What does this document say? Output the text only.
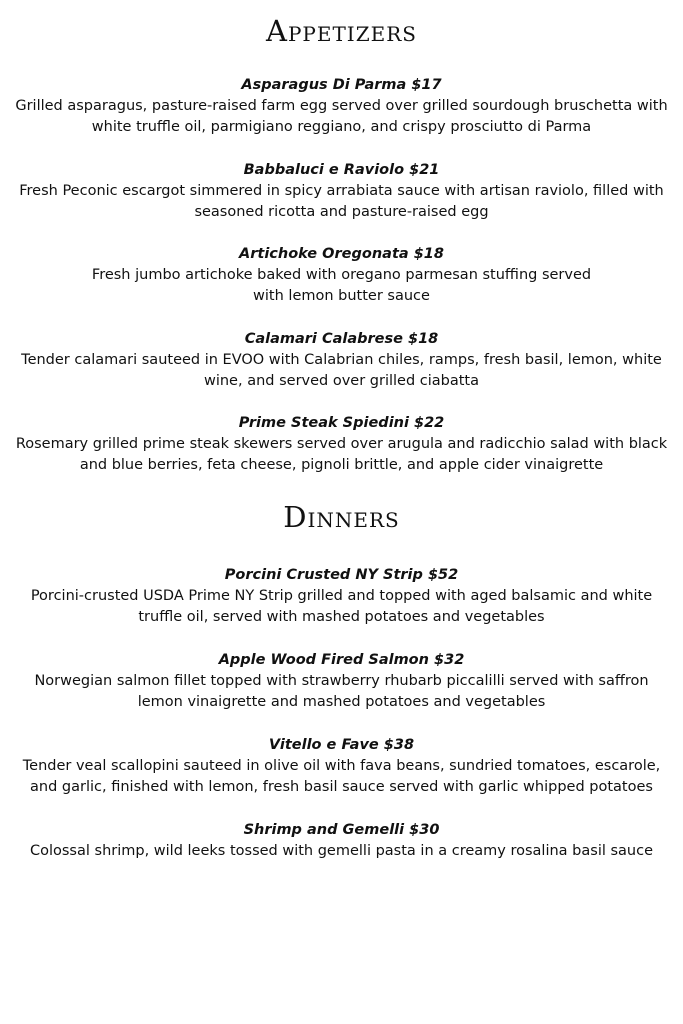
Appetizers

Asparagus Di Parma $17

Grilled asparagus, pasture-raised farm egg served over grilled sourdough bruschetta with

white truffle oil, parmigiano reggiano, and crispy prosciutto di Parma

Babbaluci e Raviolo $21

Fresh Peconic escargot simmered in spicy arrabiata sauce with artisan raviolo, filled with

seasoned ricotta and pasture-raised egg

Artichoke Oregonata $18

Fresh jumbo artichoke baked with oregano parmesan stuffing served

with lemon butter sauce

Calamari Calabrese $18

Tender calamari sauteed in EVOO with Calabrian chiles, ramps, fresh basil, lemon, white

wine, and served over grilled ciabatta

Prime Steak Spiedini $22

Rosemary grilled prime steak skewers served over arugula and radicchio salad with black

and blue berries, feta cheese, pignoli brittle, and apple cider vinaigrette

Dinners

Porcini Crusted NY Strip $52

Porcini-crusted USDA Prime NY Strip grilled and topped with aged balsamic and white

truffle oil, served with mashed potatoes and vegetables

Apple Wood Fired Salmon $32

Norwegian salmon fillet topped with strawberry rhubarb piccalilli served with saffron

lemon vinaigrette and mashed potatoes and vegetables

Vitello e Fave $38

Tender veal scallopini sauteed in olive oil with fava beans, sundried tomatoes, escarole,

and garlic, finished with lemon, fresh basil sauce served with garlic whipped potatoes

Shrimp and Gemelli $30

Colossal shrimp, wild leeks tossed with gemelli pasta in a creamy rosalina basil sauce
